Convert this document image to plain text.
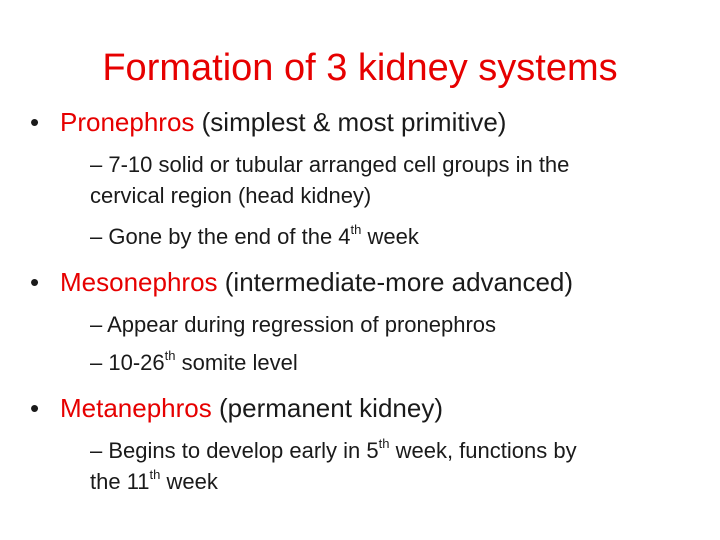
Formation of 3 kidney systems
• Pronephros (simplest & most primitive)
– 7-10 solid or tubular arranged cell groups in the
cervical region (head kidney)
– Gone by the end of the 4th week
• Mesonephros (intermediate-more advanced)
– Appear during regression of pronephros
– 10-26th somite level
• Metanephros (permanent kidney)
– Begins to develop early in 5th week, functions by
the 11th week
